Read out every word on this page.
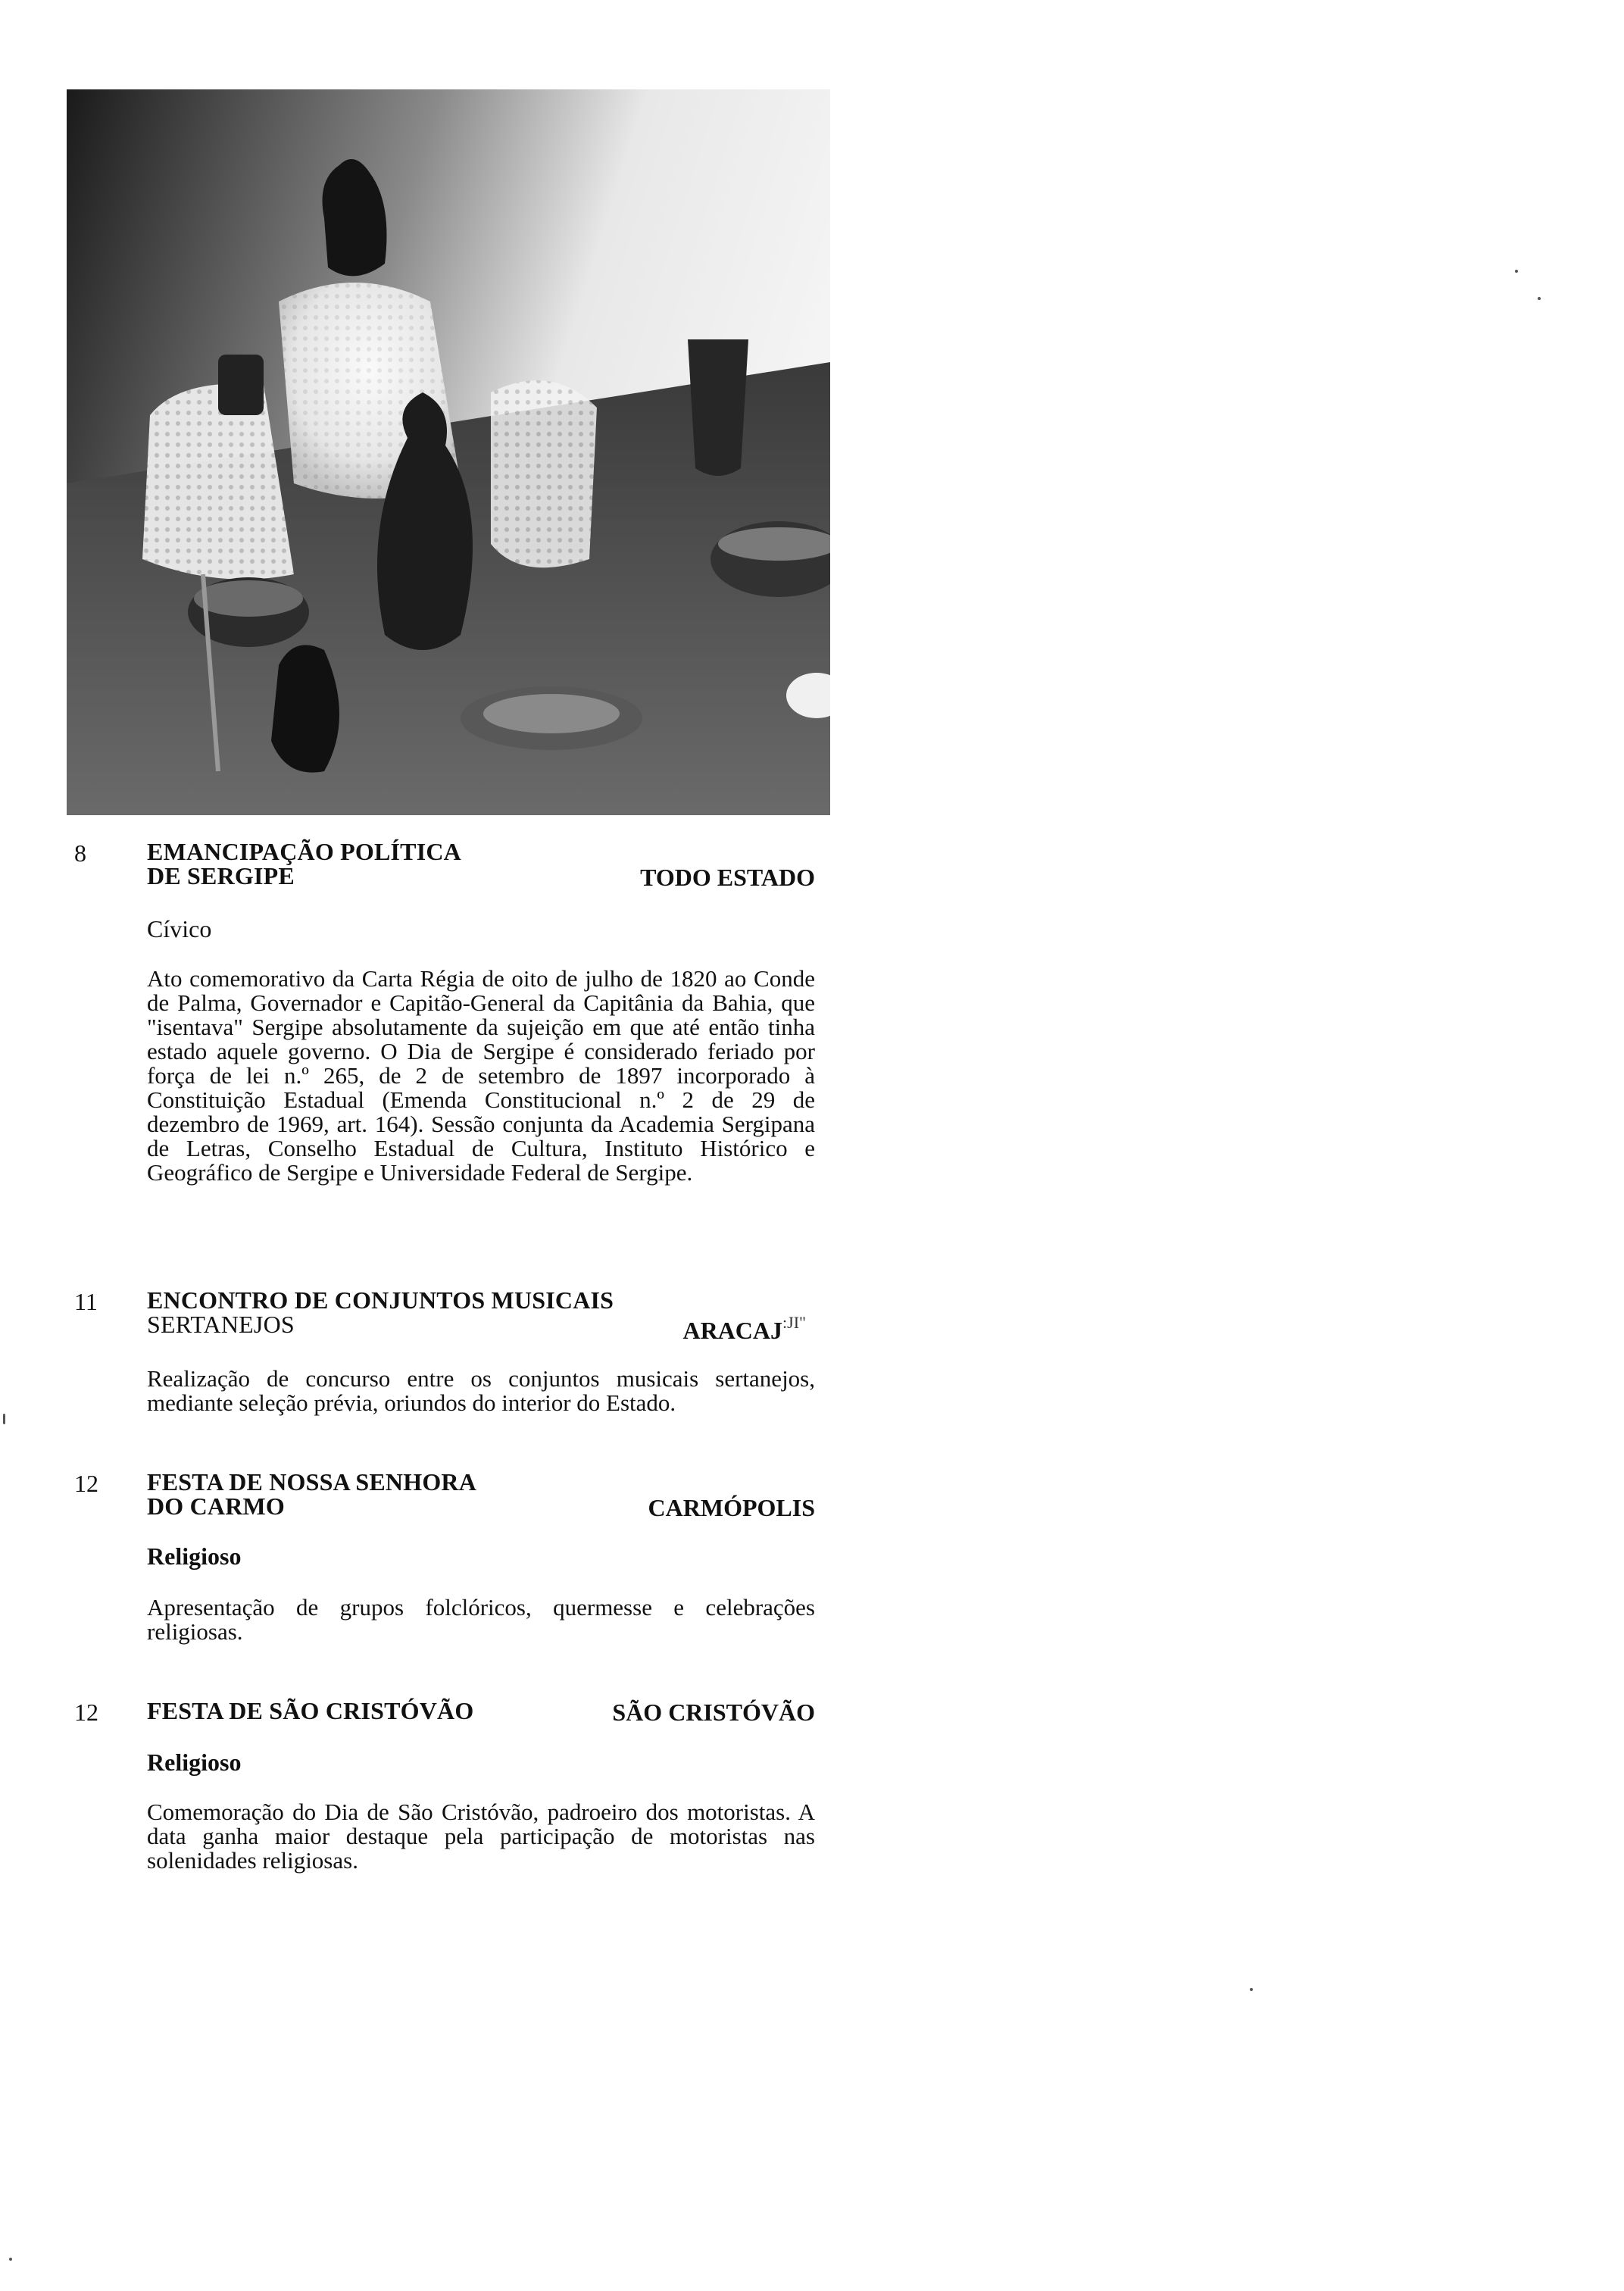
8	EMANCIPAÇÃO POLÍTICA
DE SERGIPE	TODO ESTADO
Cívico

Ato comemorativo da Carta Régia de oito de julho de 1820 ao Conde de Palma, Governador e Capitão-General da Capitânia da Bahia, que "isentava" Sergipe absolutamente da sujeição em que até então tinha estado aquele governo. O Dia de Sergipe é considerado feriado por força de lei n.º 265, de 2 de setembro de 1897 incorporado à Constituição Estadual (Emenda Constitucional n.º 2 de 29 de dezembro de 1969, art. 164). Sessão conjunta da Academia Sergipana de Letras, Conselho Estadual de Cultura, Instituto Histórico e Geográfico de Sergipe e Universidade Federal de Sergipe.

11 ENCONTRO DE CONJUNTOS MUSICAIS
SERTANEJOS	$ARACAJ^{:JI"}$

Realização de concurso entre os conjuntos musicais sertanejos, mediante seleção prévia, oriundos do interior do Estado.

12 FESTA DE NOSSA SENHORA
DO CARMO	CARMÓPOLIS
Religioso

Apresentação de grupos folclóricos, quermesse e celebrações religiosas.

12 FESTA DE SÃO CRISTÓVÃO	SÃO CRISTÓVÃO
Religioso

Comemoração do Dia de São Cristóvão, padroeiro dos motoristas. A data ganha maior destaque pela participação de motoristas nas solenidades religiosas.
